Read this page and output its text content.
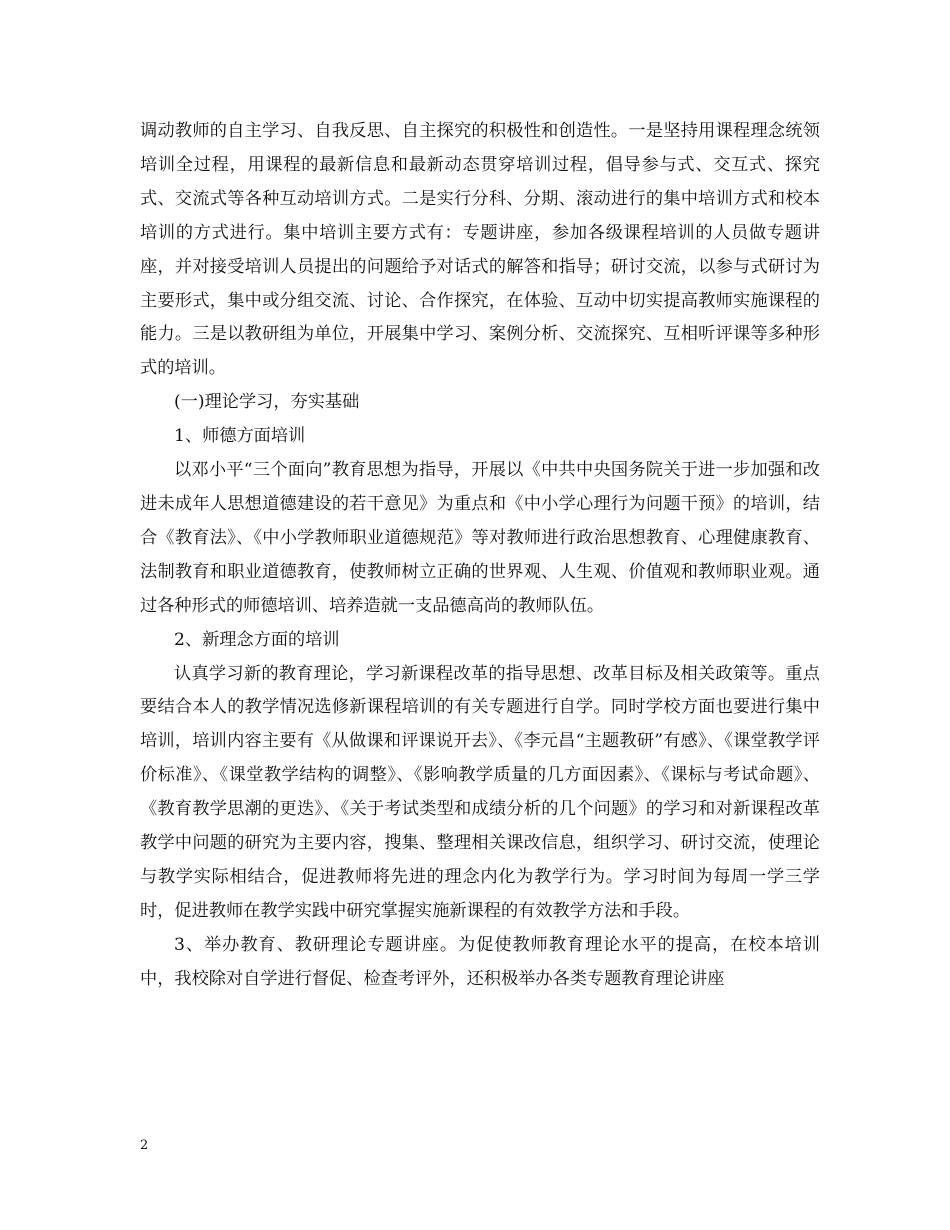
调动教师的自主学习、自我反思、自主探究的积极性和创造性。一是坚持用课程理念统领培训全过程，用课程的最新信息和最新动态贯穿培训过程，倡导参与式、交互式、探究式、交流式等各种互动培训方式。二是实行分科、分期、滚动进行的集中培训方式和校本培训的方式进行。集中培训主要方式有：专题讲座，参加各级课程培训的人员做专题讲座，并对接受培训人员提出的问题给予对话式的解答和指导；研讨交流，以参与式研讨为主要形式，集中或分组交流、讨论、合作探究，在体验、互动中切实提高教师实施课程的能力。三是以教研组为单位，开展集中学习、案例分析、交流探究、互相听评课等多种形式的培训。

(一)理论学习，夯实基础

1、师德方面培训

以邓小平“三个面向”教育思想为指导，开展以《中共中央国务院关于进一步加强和改进未成年人思想道德建设的若干意见》为重点和《中小学心理行为问题干预》的培训，结合《教育法》、《中小学教师职业道德规范》等对教师进行政治思想教育、心理健康教育、法制教育和职业道德教育，使教师树立正确的世界观、人生观、价值观和教师职业观。通过各种形式的师德培训、培养造就一支品德高尚的教师队伍。

2、新理念方面的培训

认真学习新的教育理论，学习新课程改革的指导思想、改革目标及相关政策等。重点要结合本人的教学情况选修新课程培训的有关专题进行自学。同时学校方面也要进行集中培训，培训内容主要有《从做课和评课说开去》、《李元昌“主题教研”有感》、《课堂教学评价标准》、《课堂教学结构的调整》、《影响教学质量的几方面因素》、《课标与考试命题》、《教育教学思潮的更迭》、《关于考试类型和成绩分析的几个问题》的学习和对新课程改革教学中问题的研究为主要内容，搜集、整理相关课改信息，组织学习、研讨交流，使理论与教学实际相结合，促进教师将先进的理念内化为教学行为。学习时间为每周一学三学时，促进教师在教学实践中研究掌握实施新课程的有效教学方法和手段。

3、举办教育、教研理论专题讲座。为促使教师教育理论水平的提高，在校本培训中，我校除对自学进行督促、检查考评外，还积极举办各类专题教育理论讲座

2
